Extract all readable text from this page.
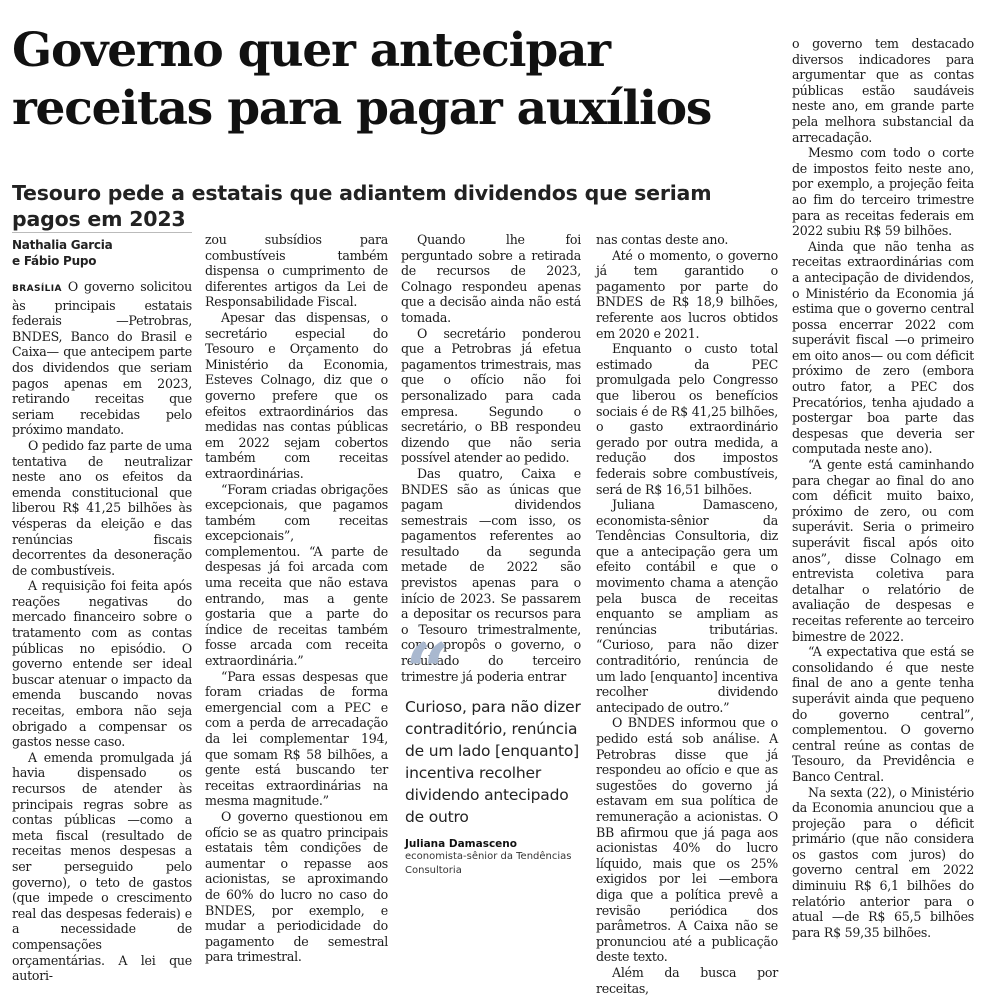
Governo quer antecipar receitas para pagar auxílios
Tesouro pede a estatais que adiantem dividendos que seriam pagos em 2023
Nathalia Garcia
e Fábio Pupo

BRASÍLIA O governo solicitou às principais estatais federais —Petrobras, BNDES, Banco do Brasil e Caixa— que antecipem parte dos dividendos que seriam pagos apenas em 2023, retirando receitas que seriam recebidas pelo próximo mandato.

O pedido faz parte de uma tentativa de neutralizar neste ano os efeitos da emenda constitucional que liberou R$ 41,25 bilhões às vésperas da eleição e das renúncias fiscais decorrentes da desoneração de combustíveis.

A requisição foi feita após reações negativas do mercado financeiro sobre o tratamento com as contas públicas no episódio. O governo entende ser ideal buscar atenuar o impacto da emenda buscando novas receitas, embora não seja obrigado a compensar os gastos nesse caso.

A emenda promulgada já havia dispensado os recursos de atender às principais regras sobre as contas públicas —como a meta fiscal (resultado de receitas menos despesas a ser perseguido pelo governo), o teto de gastos (que impede o crescimento real das despesas federais) e a necessidade de compensações orçamentárias. A lei que autori-

zou subsídios para combustíveis também dispensa o cumprimento de diferentes artigos da Lei de Responsabilidade Fiscal.

Apesar das dispensas, o secretário especial do Tesouro e Orçamento do Ministério da Economia, Esteves Colnago, diz que o governo prefere que os efeitos extraordinários das medidas nas contas públicas em 2022 sejam cobertos também com receitas extraordinárias.

“Foram criadas obrigações excepcionais, que pagamos também com receitas excepcionais”, complementou. “A parte de despesas já foi arcada com uma receita que não estava entrando, mas a gente gostaria que a parte do índice de receitas também fosse arcada com receita extraordinária.”

“Para essas despesas que foram criadas de forma emergencial com a PEC e com a perda de arrecadação da lei complementar 194, que somam R$ 58 bilhões, a gente está buscando ter receitas extraordinárias na mesma magnitude.”

O governo questionou em ofício se as quatro principais estatais têm condições de aumentar o repasse aos acionistas, se aproximando de 60% do lucro no caso do BNDES, por exemplo, e mudar a periodicidade do pagamento de semestral para trimestral.

Quando lhe foi perguntado sobre a retirada de recursos de 2023, Colnago respondeu apenas que a decisão ainda não está tomada.

O secretário ponderou que a Petrobras já efetua pagamentos trimestrais, mas que o ofício não foi personalizado para cada empresa. Segundo o secretário, o BB respondeu dizendo que não seria possível atender ao pedido.

Das quatro, Caixa e BNDES são as únicas que pagam dividendos semestrais —com isso, os pagamentos referentes ao resultado da segunda metade de 2022 são previstos apenas para o início de 2023. Se passarem a depositar os recursos para o Tesouro trimestralmente, como propôs o governo, o resultado do terceiro trimestre já poderia entrar

“
Curioso, para não dizer contraditório, renúncia de um lado [enquanto] incentiva recolher dividendo antecipado de outro
Juliana Damasceno
economista-sênior da Tendências Consultoria

nas contas deste ano.

Até o momento, o governo já tem garantido o pagamento por parte do BNDES de R$ 18,9 bilhões, referente aos lucros obtidos em 2020 e 2021.

Enquanto o custo total estimado da PEC promulgada pelo Congresso que liberou os benefícios sociais é de R$ 41,25 bilhões, o gasto extraordinário gerado por outra medida, a redução dos impostos federais sobre combustíveis, será de R$ 16,51 bilhões.

Juliana Damasceno, economista-sênior da Tendências Consultoria, diz que a antecipação gera um efeito contábil e que o movimento chama a atenção pela busca de receitas enquanto se ampliam as renúncias tributárias. “Curioso, para não dizer contraditório, renúncia de um lado [enquanto] incentiva recolher dividendo antecipado de outro.”

O BNDES informou que o pedido está sob análise. A Petrobras disse que já respondeu ao ofício e que as sugestões do governo já estavam em sua política de remuneração a acionistas. O BB afirmou que já paga aos acionistas 40% do lucro líquido, mais que os 25% exigidos por lei —embora diga que a política prevê a revisão periódica dos parâmetros. A Caixa não se pronunciou até a publicação deste texto.

Além da busca por receitas,

o governo tem destacado diversos indicadores para argumentar que as contas públicas estão saudáveis neste ano, em grande parte pela melhora substancial da arrecadação.

Mesmo com todo o corte de impostos feito neste ano, por exemplo, a projeção feita ao fim do terceiro trimestre para as receitas federais em 2022 subiu R$ 59 bilhões.

Ainda que não tenha as receitas extraordinárias com a antecipação de dividendos, o Ministério da Economia já estima que o governo central possa encerrar 2022 com superávit fiscal —o primeiro em oito anos— ou com déficit próximo de zero (embora outro fator, a PEC dos Precatórios, tenha ajudado a postergar boa parte das despesas que deveria ser computada neste ano).

“A gente está caminhando para chegar ao final do ano com déficit muito baixo, próximo de zero, ou com superávit. Seria o primeiro superávit fiscal após oito anos”, disse Colnago em entrevista coletiva para detalhar o relatório de avaliação de despesas e receitas referente ao terceiro bimestre de 2022.

“A expectativa que está se consolidando é que neste final de ano a gente tenha superávit ainda que pequeno do governo central”, complementou. O governo central reúne as contas de Tesouro, da Previdência e Banco Central.

Na sexta (22), o Ministério da Economia anunciou que a projeção para o déficit primário (que não considera os gastos com juros) do governo central em 2022 diminuiu R$ 6,1 bilhões do relatório anterior para o atual —de R$ 65,5 bilhões para R$ 59,35 bilhões.
